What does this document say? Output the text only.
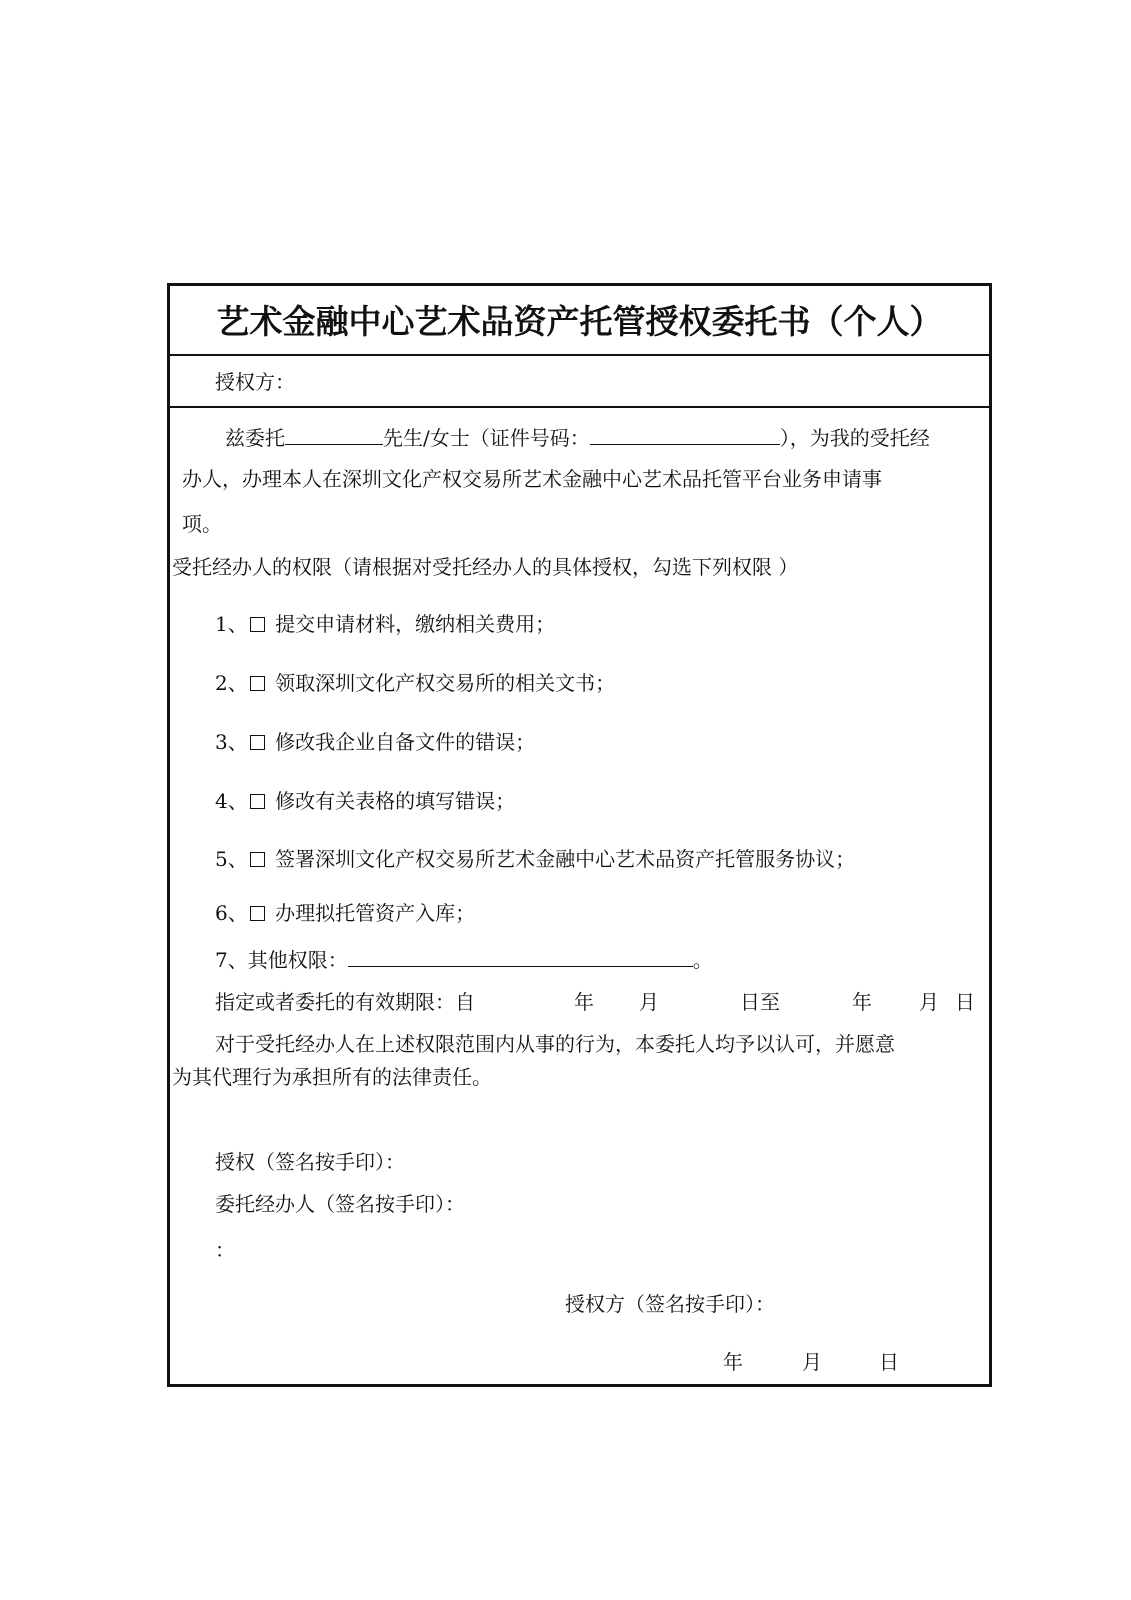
艺术金融中心艺术品资产托管授权委托书（个人）
授权方：
兹委托	先生/女士（证件号码：	），为我的受托经
办人，办理本人在深圳文化产权交易所艺术金融中心艺术品托管平台业务申请事
项。
受托经办人的权限（请根据对受托经办人的具体授权，勾选下列权限 ）
1、 提交申请材料，缴纳相关费用；
2、 领取深圳文化产权交易所的相关文书；
3、 修改我企业自备文件的错误；
4、 修改有关表格的填写错误；
5、 签署深圳文化产权交易所艺术金融中心艺术品资产托管服务协议；
6、 办理拟托管资产入库；
7、其他权限：	。
指定或者委托的有效期限：自	年 月	日至	年 月 日
对于受托经办人在上述权限范围内从事的行为，本委托人均予以认可，并愿意
为其代理行为承担所有的法律责任。
授权（签名按手印）：
委托经办人（签名按手印）：
：
授权方（签名按手印）：
年	月	日
